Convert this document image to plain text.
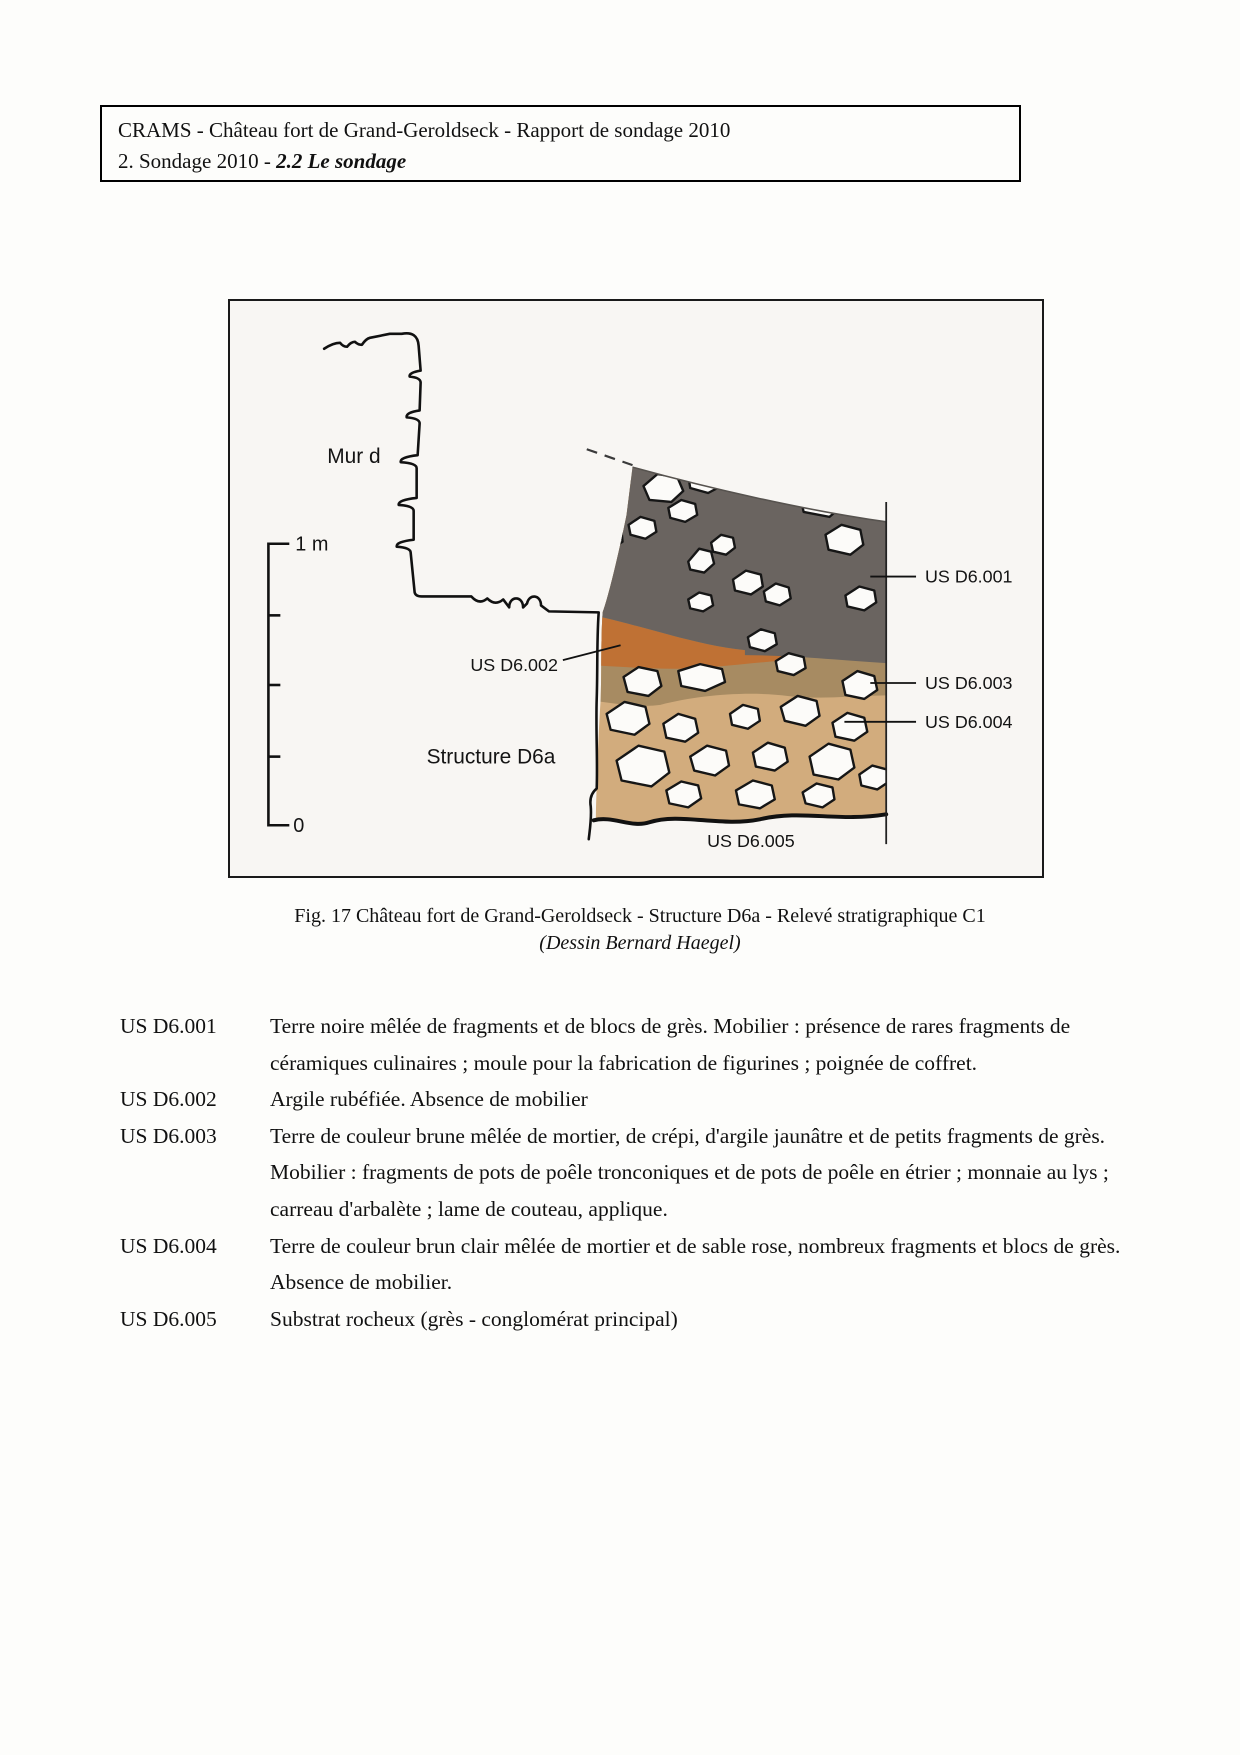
CRAMS - Château fort de Grand-Geroldseck - Rapport de sondage 2010
2. Sondage 2010 - 2.2 Le sondage
1 m
0
US D6.001
US D6.003
US D6.004
US D6.002
US D6.005
Mur d
Structure D6a
Fig. 17 Château fort de Grand-Geroldseck - Structure D6a - Relevé stratigraphique C1
(Dessin Bernard Haegel)
US D6.001	Terre noire mêlée de fragments et de blocs de grès. Mobilier : présence de rares fragments de céramiques culinaires ; moule pour la fabrication de figurines ; poignée de coffret.
US D6.002	Argile rubéfiée. Absence de mobilier
US D6.003	Terre de couleur brune mêlée de mortier, de crépi, d'argile jaunâtre et de petits fragments de grès. Mobilier : fragments de pots de poêle tronconiques et de pots de poêle en étrier ; monnaie au lys ; carreau d'arbalète ; lame de couteau, applique.
US D6.004	Terre de couleur brun clair mêlée de mortier et de sable rose, nombreux fragments et blocs de grès. Absence de mobilier.
US D6.005	Substrat rocheux (grès - conglomérat principal)
